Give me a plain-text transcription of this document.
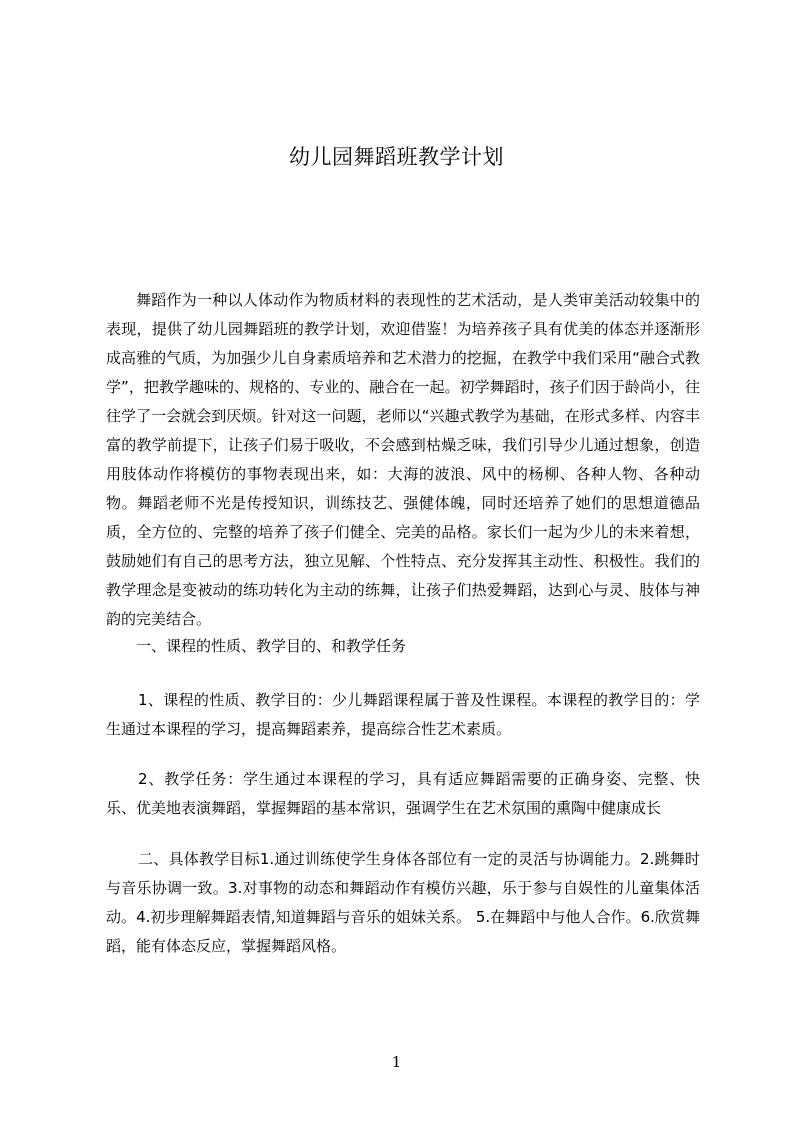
幼儿园舞蹈班教学计划

舞蹈作为一种以人体动作为物质材料的表现性的艺术活动，是人类审美活动较集中的表现，提供了幼儿园舞蹈班的教学计划，欢迎借鉴！为培养孩子具有优美的体态并逐渐形成高雅的气质，为加强少儿自身素质培养和艺术潜力的挖掘，在教学中我们采用“融合式教学”，把教学趣味的、规格的、专业的、融合在一起。初学舞蹈时，孩子们因于龄尚小，往往学了一会就会到厌烦。针对这一问题，老师以“兴趣式教学为基础，在形式多样、内容丰富的教学前提下，让孩子们易于吸收，不会感到枯燥乏味，我们引导少儿通过想象，创造用肢体动作将模仿的事物表现出来，如：大海的波浪、风中的杨柳、各种人物、各种动物。舞蹈老师不光是传授知识，训练技艺、强健体魄，同时还培养了她们的思想道德品质，全方位的、完整的培养了孩子们健全、完美的品格。家长们一起为少儿的未来着想，鼓励她们有自己的思考方法，独立见解、个性特点、充分发挥其主动性、积极性。我们的教学理念是变被动的练功转化为主动的练舞，让孩子们热爱舞蹈，达到心与灵、肢体与神韵的完美结合。

一、课程的性质、教学目的、和教学任务

1、课程的性质、教学目的：少儿舞蹈课程属于普及性课程。本课程的教学目的：学生通过本课程的学习，提高舞蹈素养，提高综合性艺术素质。

2、教学任务：学生通过本课程的学习，具有适应舞蹈需要的正确身姿、完整、快乐、优美地表演舞蹈，掌握舞蹈的基本常识，强调学生在艺术氛围的熏陶中健康成长

二、具体教学目标1.通过训练使学生身体各部位有一定的灵活与协调能力。2.跳舞时与音乐协调一致。3.对事物的动态和舞蹈动作有模仿兴趣，乐于参与自娱性的儿童集体活动。4.初步理解舞蹈表情,知道舞蹈与音乐的姐妹关系。 5.在舞蹈中与他人合作。6.欣赏舞蹈，能有体态反应，掌握舞蹈风格。

1
